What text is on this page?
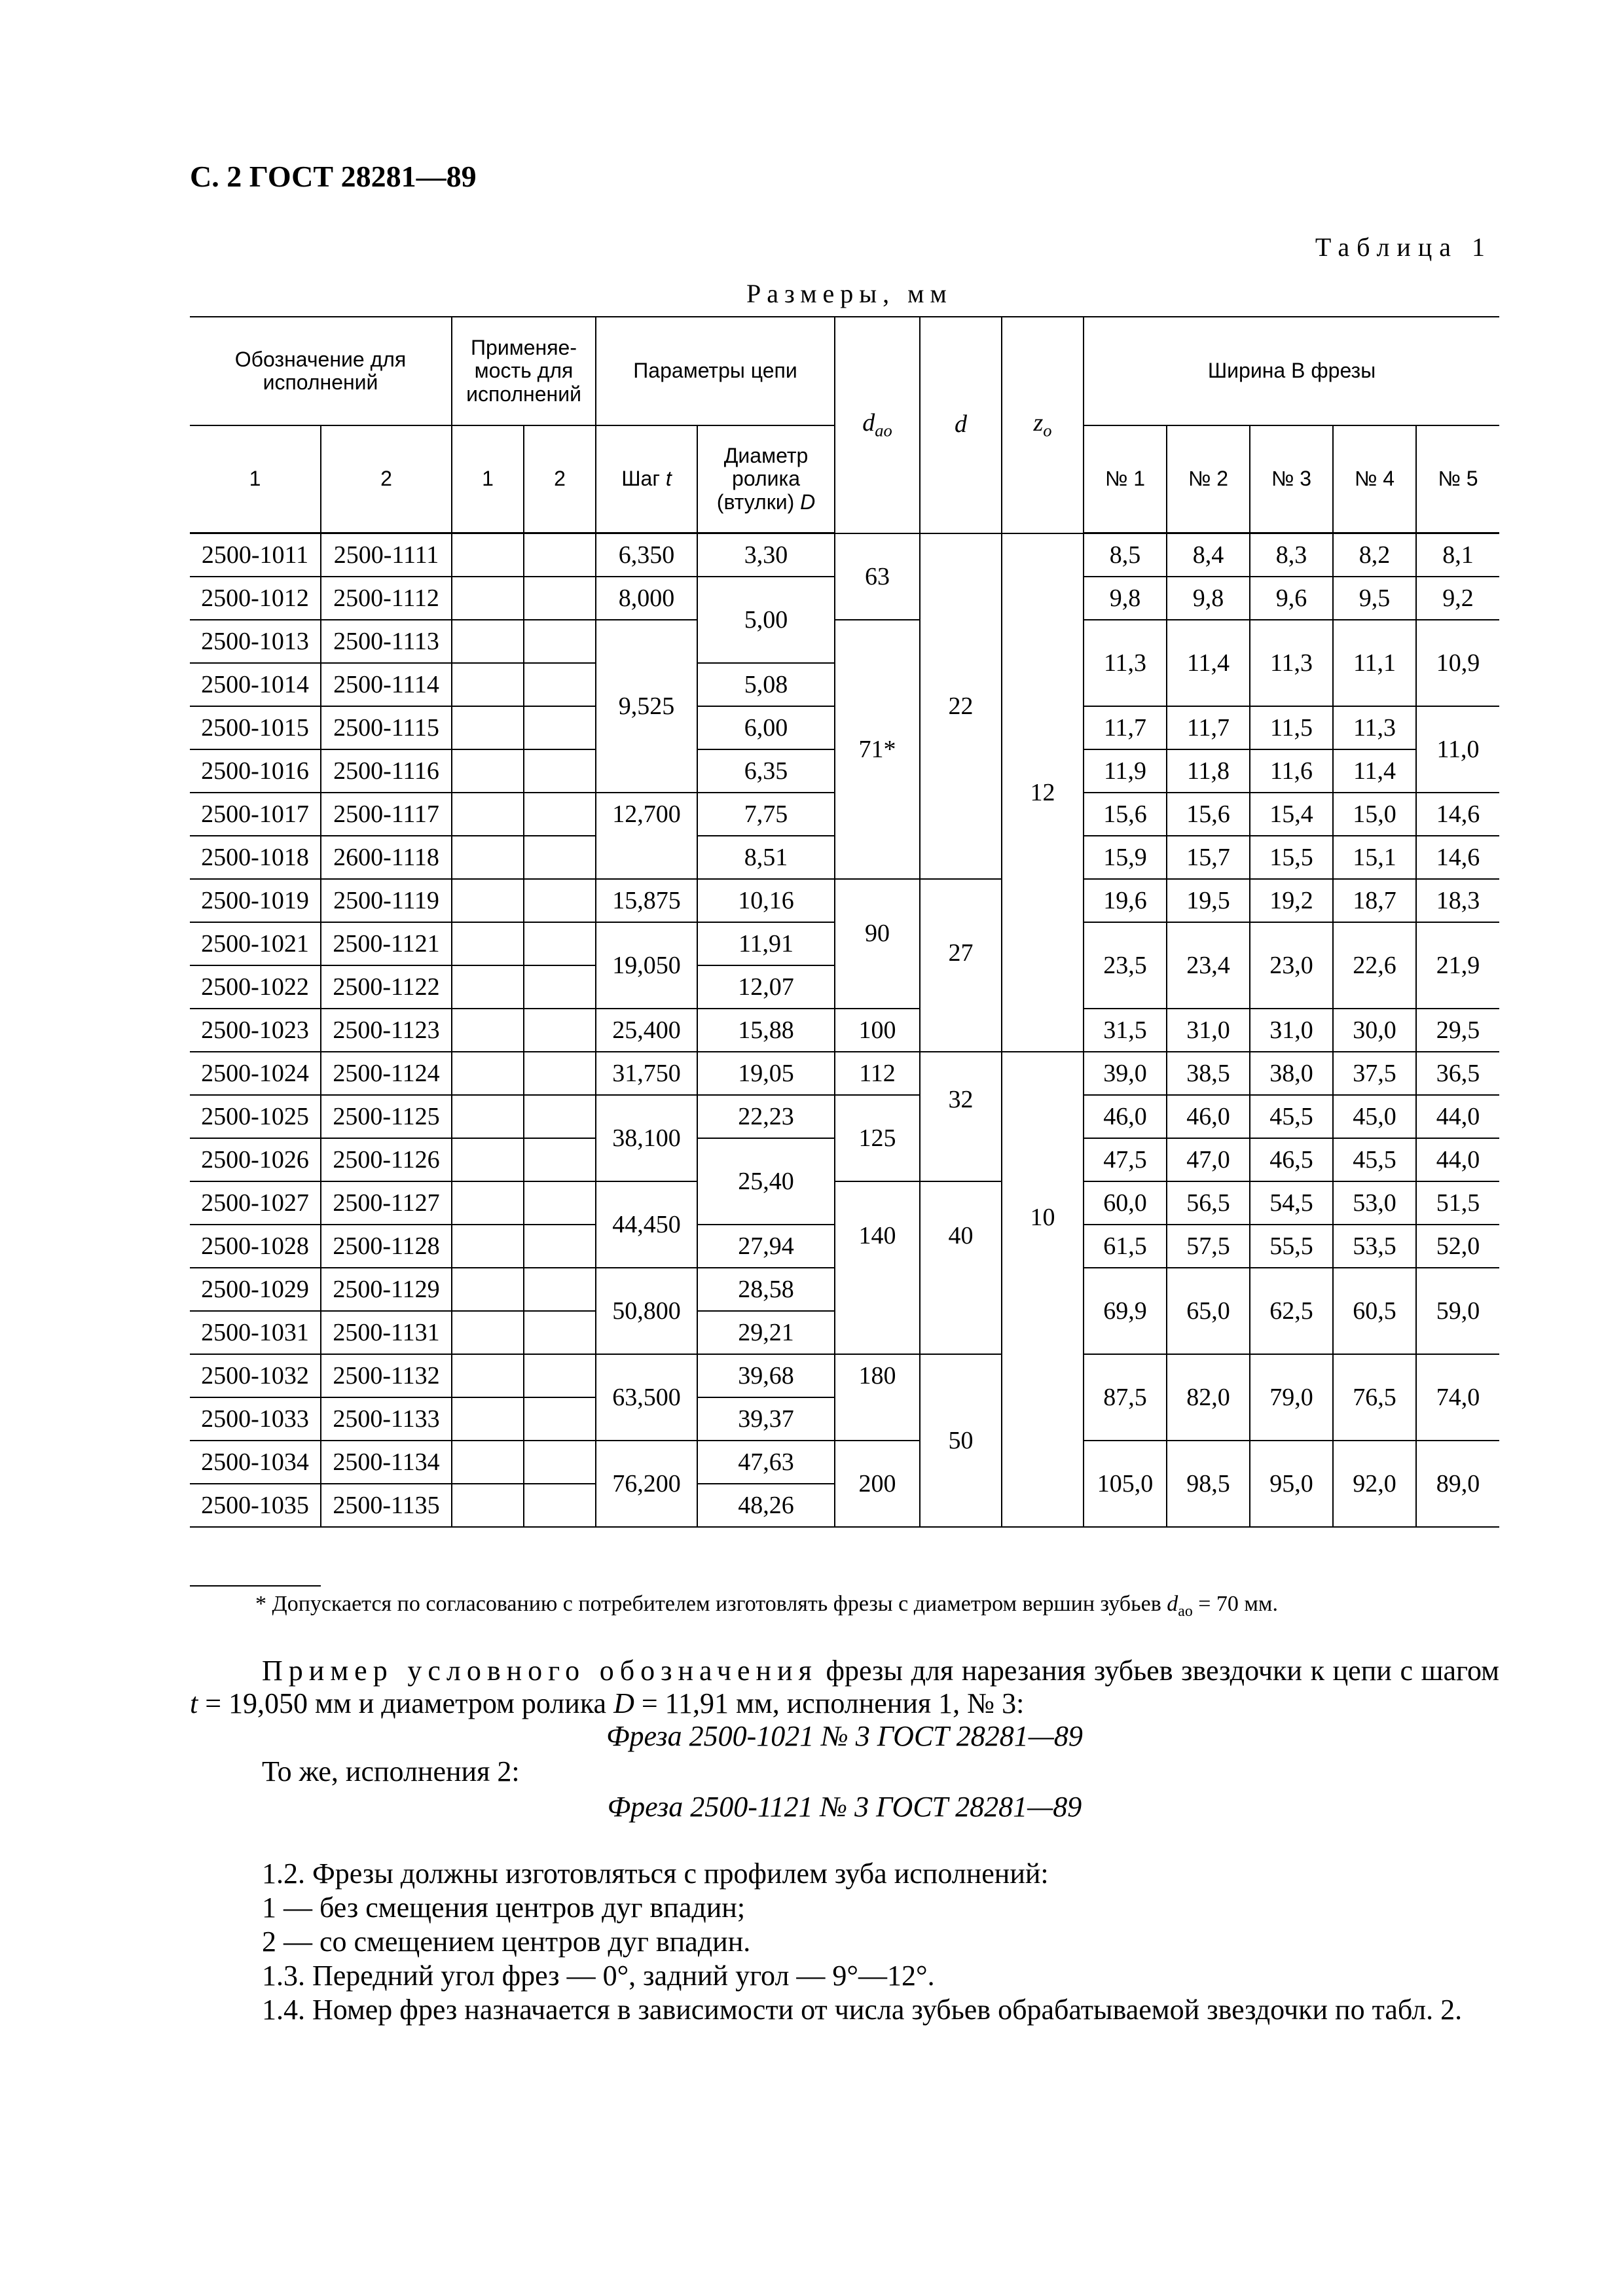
С. 2 ГОСТ 28281—89
Таблица 1
Размеры, мм
Обозначение для исполнений		Применяе-мость для исполнений		Параметры цепи		$d_{ао}$	d	$z_о$	Ширина В фрезы				
1	2	1	2	Шаг t	Диаметр ролика (втулки) D				№ 1	№ 2	№ 3	№ 4	№ 5
2500-1011	2500-1111			6,350	3,30	63	22	12	8,5	8,4	8,3	8,2	8,1
2500-1012	2500-1112			8,000	5,00				9,8	9,8	9,6	9,5	9,2
2500-1013	2500-1113			9,525		71*			11,3	11,4	11,3	11,1	10,9
2500-1014	2500-1114				5,08								
2500-1015	2500-1115				6,00				11,7	11,7	11,5	11,3	11,0
2500-1016	2500-1116				6,35				11,9	11,8	11,6	11,4	
2500-1017	2500-1117			12,700	7,75				15,6	15,6	15,4	15,0	14,6
2500-1018	2600-1118				8,51				15,9	15,7	15,5	15,1	14,6
2500-1019	2500-1119			15,875	10,16	90	27		19,6	19,5	19,2	18,7	18,3
2500-1021	2500-1121			19,050	11,91				23,5	23,4	23,0	22,6	21,9
2500-1022	2500-1122				12,07								
2500-1023	2500-1123			25,400	15,88	100			31,5	31,0	31,0	30,0	29,5
2500-1024	2500-1124			31,750	19,05	112	32	10	39,0	38,5	38,0	37,5	36,5
2500-1025	2500-1125			38,100	22,23	125			46,0	46,0	45,5	45,0	44,0
2500-1026	2500-1126				25,40				47,5	47,0	46,5	45,5	44,0
2500-1027	2500-1127			44,450		140	40		60,0	56,5	54,5	53,0	51,5
2500-1028	2500-1128				27,94				61,5	57,5	55,5	53,5	52,0
2500-1029	2500-1129			50,800	28,58				69,9	65,0	62,5	60,5	59,0
2500-1031	2500-1131				29,21								
2500-1032	2500-1132			63,500	39,68	180	50		87,5	82,0	79,0	76,5	74,0
2500-1033	2500-1133				39,37								
2500-1034	2500-1134			76,200	47,63	200			105,0	98,5	95,0	92,0	89,0
2500-1035	2500-1135				48,26								
* Допускается по согласованию с потребителем изготовлять фрезы с диаметром вершин зубьев $d_{ао} = 70$ мм.
Пример условного обозначения фрезы для нарезания зубьев звездочки к цепи с шагом t = 19,050 мм и диаметром ролика D = 11,91 мм, исполнения 1, № 3:
Фреза 2500-1021 № 3 ГОСТ 28281—89
То же, исполнения 2:
Фреза 2500-1121 № 3 ГОСТ 28281—89
1.2. Фрезы должны изготовляться с профилем зуба исполнений:
1 — без смещения центров дуг впадин;
2 — со смещением центров дуг впадин.
1.3. Передний угол фрез — 0°, задний угол — 9°—12°.
1.4. Номер фрез назначается в зависимости от числа зубьев обрабатываемой звездочки по табл. 2.
